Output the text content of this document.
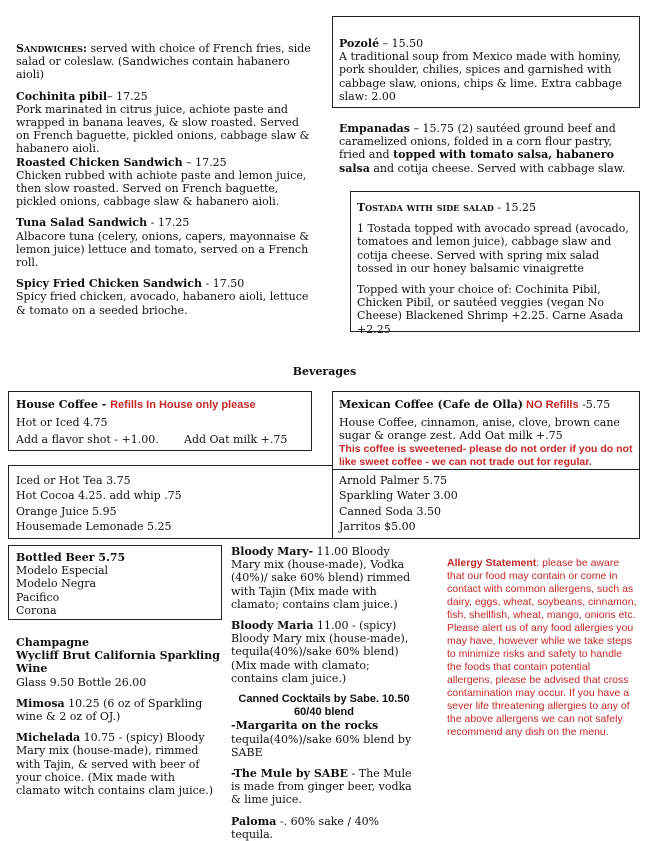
Sandwiches: served with choice of French fries, side salad or coleslaw. (Sandwiches contain habanero aioli)

Cochinita pibil– 17.25

Pork marinated in citrus juice, achiote paste and wrapped in banana leaves, & slow roasted. Served on French baguette, pickled onions, cabbage slaw & habanero aioli.

Roasted Chicken Sandwich – 17.25

Chicken rubbed with achiote paste and lemon juice, then slow roasted. Served on French baguette, pickled onions, cabbage slaw & habanero aioli.

Tuna Salad Sandwich - 17.25

Albacore tuna (celery, onions, capers, mayonnaise & lemon juice) lettuce and tomato, served on a French roll.

Spicy Fried Chicken Sandwich - 17.50

Spicy fried chicken, avocado, habanero aioli, lettuce & tomato on a seeded brioche.

Pozolé – 15.50

A traditional soup from Mexico made with hominy, pork shoulder, chilies, spices and garnished with cabbage slaw, onions, chips & lime. Extra cabbage slaw: 2.00

Empanadas – 15.75 (2) sautéed ground beef and caramelized onions, folded in a corn flour pastry, fried and topped with tomato salsa, habanero salsa and cotija cheese. Served with cabbage slaw.

Tostada with side salad - 15.25

1 Tostada topped with avocado spread (avocado, tomatoes and lemon juice), cabbage slaw and cotija cheese. Served with spring mix salad tossed in our honey balsamic vinaigrette

Topped with your choice of: Cochinita Pibil, Chicken Pibil, or sautéed veggies (vegan No Cheese) Blackened Shrimp +2.25. Carne Asada +2.25

Beverages

House Coffee - Refills In House only please

Hot or Iced 4.75

Add a flavor shot - +1.00.	Add Oat milk +.75

Mexican Coffee (Cafe de Olla) NO Refills -5.75

House Coffee, cinnamon, anise, clove, brown cane sugar & orange zest. Add Oat milk +.75

This coffee is sweetened- please do not order if you do not like sweet coffee - we can not trade out for regular.

Iced or Hot Tea 3.75

Hot Cocoa 4.25. add whip .75

Orange Juice 5.95

Housemade Lemonade 5.25

Arnold Palmer 5.75

Sparkling Water 3.00

Canned Soda 3.50

Jarritos $5.00

Bottled Beer 5.75

Modelo Especial

Modelo Negra

Pacifico

Corona

Champagne

Wycliff Brut California Sparkling Wine

Glass 9.50 Bottle 26.00

Mimosa 10.25 (6 oz of Sparkling wine & 2 oz of OJ.)

Michelada 10.75 - (spicy) Bloody Mary mix (house-made), rimmed with Tajin, & served with beer of your choice. (Mix made with clamato witch contains clam juice.)

Bloody Mary- 11.00 Bloody Mary mix (house-made), Vodka (40%)/ sake 60% blend) rimmed with Tajin (Mix made with clamato; contains clam juice.)

Bloody Maria 11.00 - (spicy) Bloody Mary mix (house-made), tequila(40%)/sake 60% blend) (Mix made with clamato; contains clam juice.)

Canned Cocktails by Sabe. 10.50

60/40 blend

-Margarita on the rocks

tequila(40%)/sake 60% blend by SABE

-The Mule by SABE - The Mule is made from ginger beer, vodka & lime juice.

Paloma -. 60% sake / 40% tequila.

Allergy Statement: please be aware that our food may contain or come in contact with common allergens, such as dairy, eggs, wheat, soybeans, cinnamon, fish, shellfish, wheat, mango, onions etc. Please alert us of any food allergies you may have, however while we take steps to minimize risks and safety to handle the foods that contain potential allergens, please be advised that cross contamination may occur. If you have a sever life threatening allergies to any of the above allergens we can not safely recommend any dish on the menu.
